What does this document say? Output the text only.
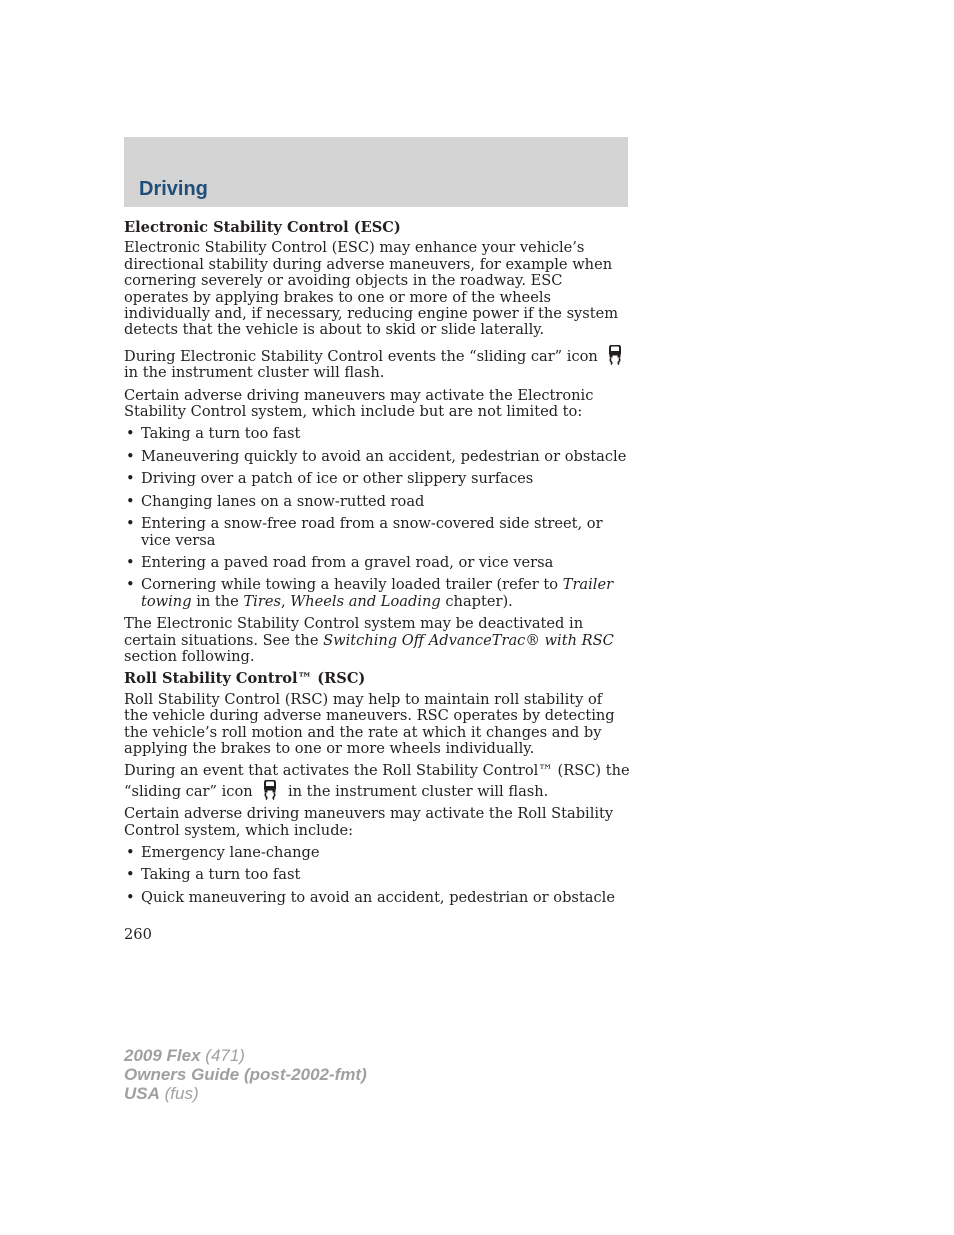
Driving
Electronic Stability Control (ESC)

Electronic Stability Control (ESC) may enhance your vehicle’s directional stability during adverse maneuvers, for example when cornering severely or avoiding objects in the roadway. ESC operates by applying brakes to one or more of the wheels individually and, if necessary, reducing engine power if the system detects that the vehicle is about to skid or slide laterally.

During Electronic Stability Control events the “sliding car” icon
in the instrument cluster will flash.

Certain adverse driving maneuvers may activate the Electronic Stability Control system, which include but are not limited to:

• Taking a turn too fast
• Maneuvering quickly to avoid an accident, pedestrian or obstacle
• Driving over a patch of ice or other slippery surfaces
• Changing lanes on a snow-rutted road
• Entering a snow-free road from a snow-covered side street, or vice versa
• Entering a paved road from a gravel road, or vice versa
• Cornering while towing a heavily loaded trailer (refer to Trailer towing in the Tires, Wheels and Loading chapter).

The Electronic Stability Control system may be deactivated in certain situations. See the Switching Off AdvanceTrac® with RSC section following.

Roll Stability Control™ (RSC)

Roll Stability Control (RSC) may help to maintain roll stability of the vehicle during adverse maneuvers. RSC operates by detecting the vehicle’s roll motion and the rate at which it changes and by applying the brakes to one or more wheels individually.

During an event that activates the Roll Stability Control™ (RSC) the “sliding car” icon in the instrument cluster will flash.

Certain adverse driving maneuvers may activate the Roll Stability Control system, which include:

• Emergency lane-change
• Taking a turn too fast
• Quick maneuvering to avoid an accident, pedestrian or obstacle
260
2009 Flex (471)
Owners Guide (post-2002-fmt)
USA (fus)
